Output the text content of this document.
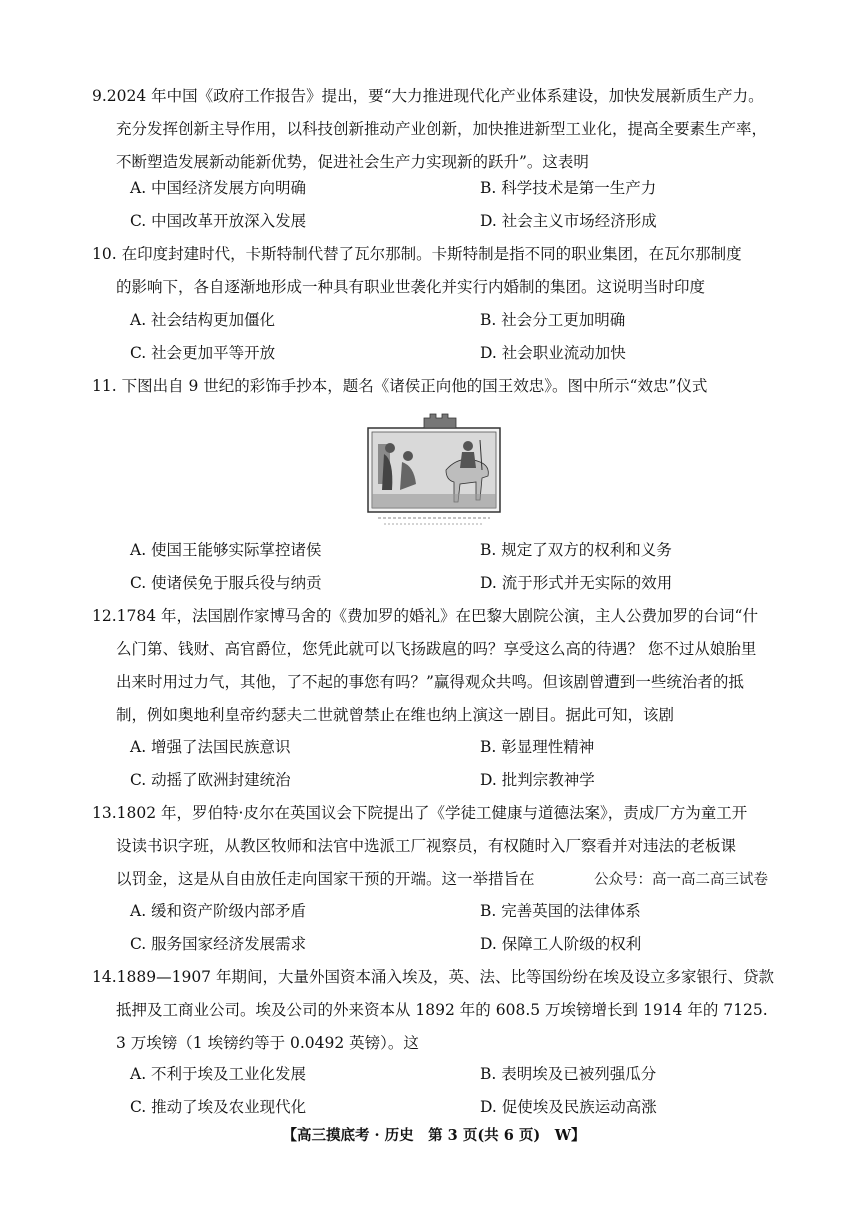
9.2024 年中国《政府工作报告》提出，要“大力推进现代化产业体系建设，加快发展新质生产力。
充分发挥创新主导作用，以科技创新推动产业创新，加快推进新型工业化，提高全要素生产率，
不断塑造发展新动能新优势，促进社会生产力实现新的跃升”。这表明
A. 中国经济发展方向明确	B. 科学技术是第一生产力
C. 中国改革开放深入发展	D. 社会主义市场经济形成
10. 在印度封建时代，卡斯特制代替了瓦尔那制。卡斯特制是指不同的职业集团，在瓦尔那制度
的影响下，各自逐渐地形成一种具有职业世袭化并实行内婚制的集团。这说明当时印度
A. 社会结构更加僵化	B. 社会分工更加明确
C. 社会更加平等开放	D. 社会职业流动加快
11. 下图出自 9 世纪的彩饰手抄本，题名《诸侯正向他的国王效忠》。图中所示“效忠”仪式
A. 使国王能够实际掌控诸侯	B. 规定了双方的权利和义务
C. 使诸侯免于服兵役与纳贡	D. 流于形式并无实际的效用
12.1784 年，法国剧作家博马舍的《费加罗的婚礼》在巴黎大剧院公演，主人公费加罗的台词“什
么门第、钱财、高官爵位，您凭此就可以飞扬跋扈的吗？享受这么高的待遇？ 您不过从娘胎里
出来时用过力气，其他，了不起的事您有吗？”赢得观众共鸣。但该剧曾遭到一些统治者的抵
制，例如奥地利皇帝约瑟夫二世就曾禁止在维也纳上演这一剧目。据此可知，该剧
A. 增强了法国民族意识	B. 彰显理性精神
C. 动摇了欧洲封建统治	D. 批判宗教神学
13.1802 年，罗伯特·皮尔在英国议会下院提出了《学徒工健康与道德法案》，责成厂方为童工开
设读书识字班，从教区牧师和法官中选派工厂视察员，有权随时入厂察看并对违法的老板课
以罚金，这是从自由放任走向国家干预的开端。这一举措旨在	公众号：高一高二高三试卷
A. 缓和资产阶级内部矛盾	B. 完善英国的法律体系
C. 服务国家经济发展需求	D. 保障工人阶级的权利
14.1889—1907 年期间，大量外国资本涌入埃及，英、法、比等国纷纷在埃及设立多家银行、贷款
抵押及工商业公司。埃及公司的外来资本从 1892 年的 608.5 万埃镑增长到 1914 年的 7125.
3 万埃镑（1 埃镑约等于 0.0492 英镑）。这
A. 不利于埃及工业化发展	B. 表明埃及已被列强瓜分
C. 推动了埃及农业现代化	D. 促使埃及民族运动高涨
【高三摸底考 · 历史　第 3 页(共 6 页)　W】
